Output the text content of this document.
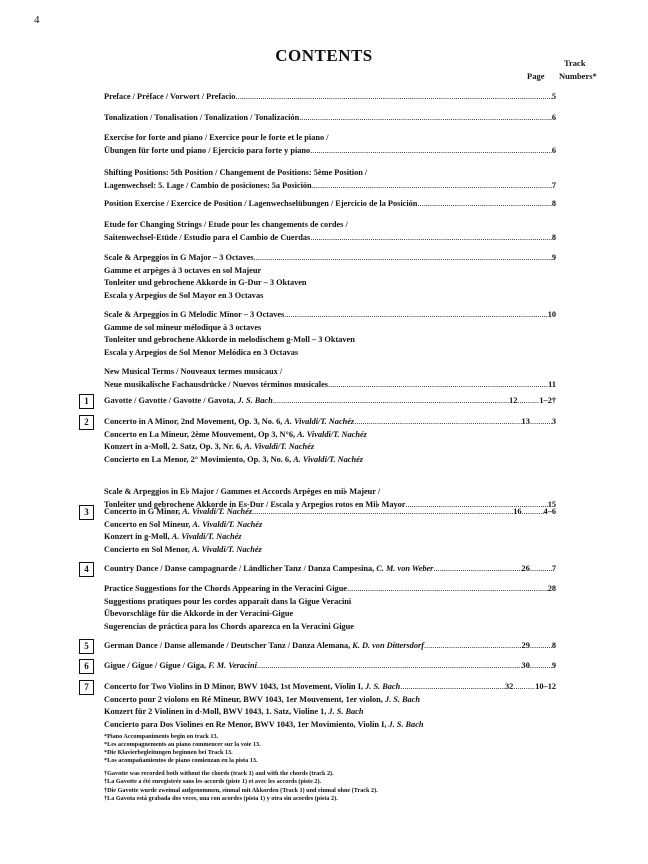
4
CONTENTS	Track
Page Numbers*
Preface / Préface / Vorwort / Prefacio .....	5
Tonalization / Tonalisation / Tonalization / Tonalización .....	6
Exercise for forte and piano / Exercice pour le forte et le piano /
Übungen für forte und piano / Ejercicio para forte y piano .....	6
Shifting Positions: 5th Position / Changement de Positions: 5ème Position /
Lagenwechsel: 5. Lage / Cambio de posiciones: 5a Posición .....	7
Position Exercise / Exercice de Position / Lagenwechselübungen / Ejercicio de la Posición .....	8
Etude for Changing Strings / Etude pour les changements de cordes /
Saitenwechsel-Etüde / Estudio para el Cambio de Cuerdas .....	8
Scale & Arpeggios in G Major – 3 Octaves .....	9
Gamme et arpèges à 3 octaves en sol Majeur
Tonleiter und gebrochene Akkorde in G-Dur – 3 Oktaven
Escala y Arpegios de Sol Mayor en 3 Octavas
Scale & Arpeggios in G Melodic Minor – 3 Octaves .....	10
Gamme de sol mineur mélodique à 3 octaves
Tonleiter und gebrochene Akkorde in melodischem g-Moll – 3 Oktaven
Escala y Arpegios de Sol Menor Melódica en 3 Octavas
New Musical Terms / Nouveaux termes musicaux /
Neue musikalische Fachausdrücke / Nuevos términos musicales .....	11
1	Gavotte / Gavotte / Gavotte / Gavota, J. S. Bach .....	12 .....	1–2†
2	Concerto in A Minor, 2nd Movement, Op. 3, No. 6, A. Vivaldi/T. Nachéz .....	13 .....	3
Concerto en La Mineur, 2ème Mouvement, Op 3, N°6, A. Vivaldi/T. Nachéz
Konzert in a-Moll, 2. Satz, Op. 3, Nr. 6, A. Vivaldi/T. Nachéz
Concierto en La Menor, 2° Movimiento, Op. 3, No. 6, A. Vivaldi/T. Nachéz
Scale & Arpeggios in E♭ Major / Gammes et Accords Arpèges en mi♭ Majeur /
Tonleiter und gebrochene Akkorde in Es-Dur / Escala y Arpegios rotos en Mi♭ Mayor .....	15
3	Concerto in G Minor, A. Vivaldi/T. Nachéz .....	16 .....	4–6
Concerto en Sol Mineur, A. Vivaldi/T. Nachéz
Konzert in g-Moll, A. Vivaldi/T. Nachéz
Concierto en Sol Menor, A. Vivaldi/T. Nachéz
4	Country Dance / Danse campagnarde / Ländlicher Tanz / Danza Campesina, C. M. von Weber .....	26 .....	7
Practice Suggestions for the Chords Appearing in the Veracini Gigue .....	28
Suggestions pratiques pour les cordes apparaît dans la Gigue Veracini
Übevorschläge für die Akkorde in der Veracini-Gigue
Sugerencias de práctica para los Chords aparezca en la Veracini Gigue
5	German Dance / Danse allemande / Deutscher Tanz / Danza Alemana, K. D. von Dittersdorf .....	29 .....	8
6	Gigue / Gigue / Gigue / Giga, F. M. Veracini .....	30 .....	9
7	Concerto for Two Violins in D Minor, BWV 1043, 1st Movement, Violin I, J. S. Bach .....	32 .....	10–12
Concerto pour 2 violons en Ré Mineur, BWV 1043, 1er Mouvement, 1er violon, J. S. Bach
Konzert für 2 Violinen in d-Moll, BWV 1043, 1. Satz, Violine 1, J. S. Bach
Concierto para Dos Violines en Re Menor, BWV 1043, 1er Movimiento, Violín I, J. S. Bach
*Piano Accompaniments begin on track 13.
*Les accompagnements au piano commencer sur la voie 13.
*Die Klavierbegleitungen beginnen bei Track 13.
*Los acompañamientos de piano comienzan en la pista 13.
†Gavotte was recorded both without the chords (track 1) and with the chords (track 2).
†La Gavotte a été enregistrée sans les accords (piste 1) et avec les accords (piste 2).
†Die Gavotte wurde zweimal aufgenommen, einmal mit Akkorden (Track 1) und einmal ohne (Track 2).
†La Gavota está grabada dos veces, una con acordes (pista 1) y otra sin acordes (pista 2).
